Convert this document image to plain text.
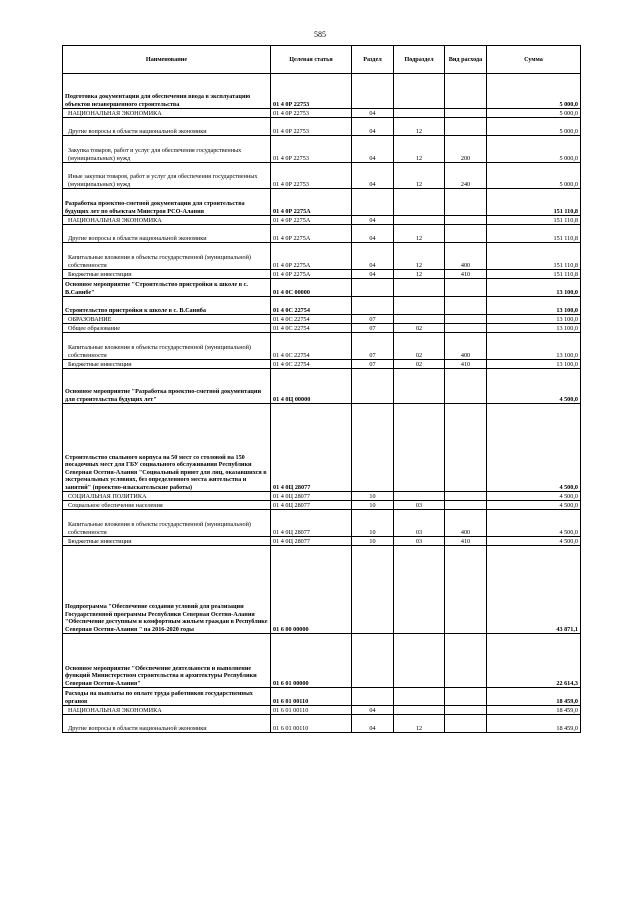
585
Наименование	Целевая статья	Раздел	Подраздел	Вид расхода	Сумма
Подготовка документации для обеспечения ввода в эксплуатацию объектов незавершенного строительства	01 4 0Р 22753				5 000,0
НАЦИОНАЛЬНАЯ ЭКОНОМИКА	01 4 0Р 22753	04			5 000,0
Другие вопросы в области национальной экономики	01 4 0Р 22753	04	12		5 000,0
Закупка товаров, работ и услуг для обеспечения государственных (муниципальных) нужд	01 4 0Р 22753	04	12	200	5 000,0
Иные закупки товаров, работ и услуг для обеспечения государственных (муниципальных) нужд	01 4 0Р 22753	04	12	240	5 000,0
Разработка проектно-сметной документации для строительства будущих лет по объектам Минстроя РСО-Алания	01 4 0Р 2275А				151 110,8
НАЦИОНАЛЬНАЯ ЭКОНОМИКА	01 4 0Р 2275А	04			151 110,8
Другие вопросы в области национальной экономики	01 4 0Р 2275А	04	12		151 110,8
Капитальные вложения в объекты государственной (муниципальной) собственности	01 4 0Р 2275А	04	12	400	151 110,8
Бюджетные инвестиции	01 4 0Р 2275А	04	12	410	151 110,8
Основное мероприятие "Строительство пристройки к школе в с. В.Санибе"	01 4 0С 00000				13 100,0
Строительство пристройки к школе в с. В.Саниба	01 4 0С 22754				13 100,0
ОБРАЗОВАНИЕ	01 4 0С 22754	07			13 100,0
Общее образование	01 4 0С 22754	07	02		13 100,0
Капитальные вложения в объекты государственной (муниципальной) собственности	01 4 0С 22754	07	02	400	13 100,0
Бюджетные инвестиции	01 4 0С 22754	07	02	410	13 100,0
Основное мероприятие "Разработка проектно-сметной документации для строительства будущих лет"	01 4 0Ц 00000				4 500,0
Строительство спального корпуса на 50 мест со столовой на 150 посадочных мест для ГБУ социального обслуживания Республики Северная Осетия-Алания "Социальный приют для лиц, оказавшихся в экстремальных условиях, без определенного места жительства и занятий" (проектно-изыскательские работы)	01 4 0Ц 28077				4 500,0
СОЦИАЛЬНАЯ ПОЛИТИКА	01 4 0Ц 28077	10			4 500,0
Социальное обеспечение населения	01 4 0Ц 28077	10	03		4 500,0
Капитальные вложения в объекты государственной (муниципальной) собственности	01 4 0Ц 28077	10	03	400	4 500,0
Бюджетные инвестиции	01 4 0Ц 28077	10	03	410	4 500,0
Подпрограмма "Обеспечение создания условий для реализации Государственной программы Республики Северная Осетия-Алания "Обеспечение доступным и комфортным жильем граждан в Республике Северная Осетия-Алания " на 2016-2020 годы	01 6 00 00000				43 871,1
Основное мероприятие "Обеспечение деятельности и выполнение функций Министерством строительства и архитектуры Республики Северная Осетия-Алания"	01 6 01 00000				22 614,3
Расходы на выплаты по оплате труда работников государственных органов	01 6 01 00110				18 459,0
НАЦИОНАЛЬНАЯ ЭКОНОМИКА	01 6 01 00110	04			18 459,0
Другие вопросы в области национальной экономики	01 6 01 00110	04	12		18 459,0
